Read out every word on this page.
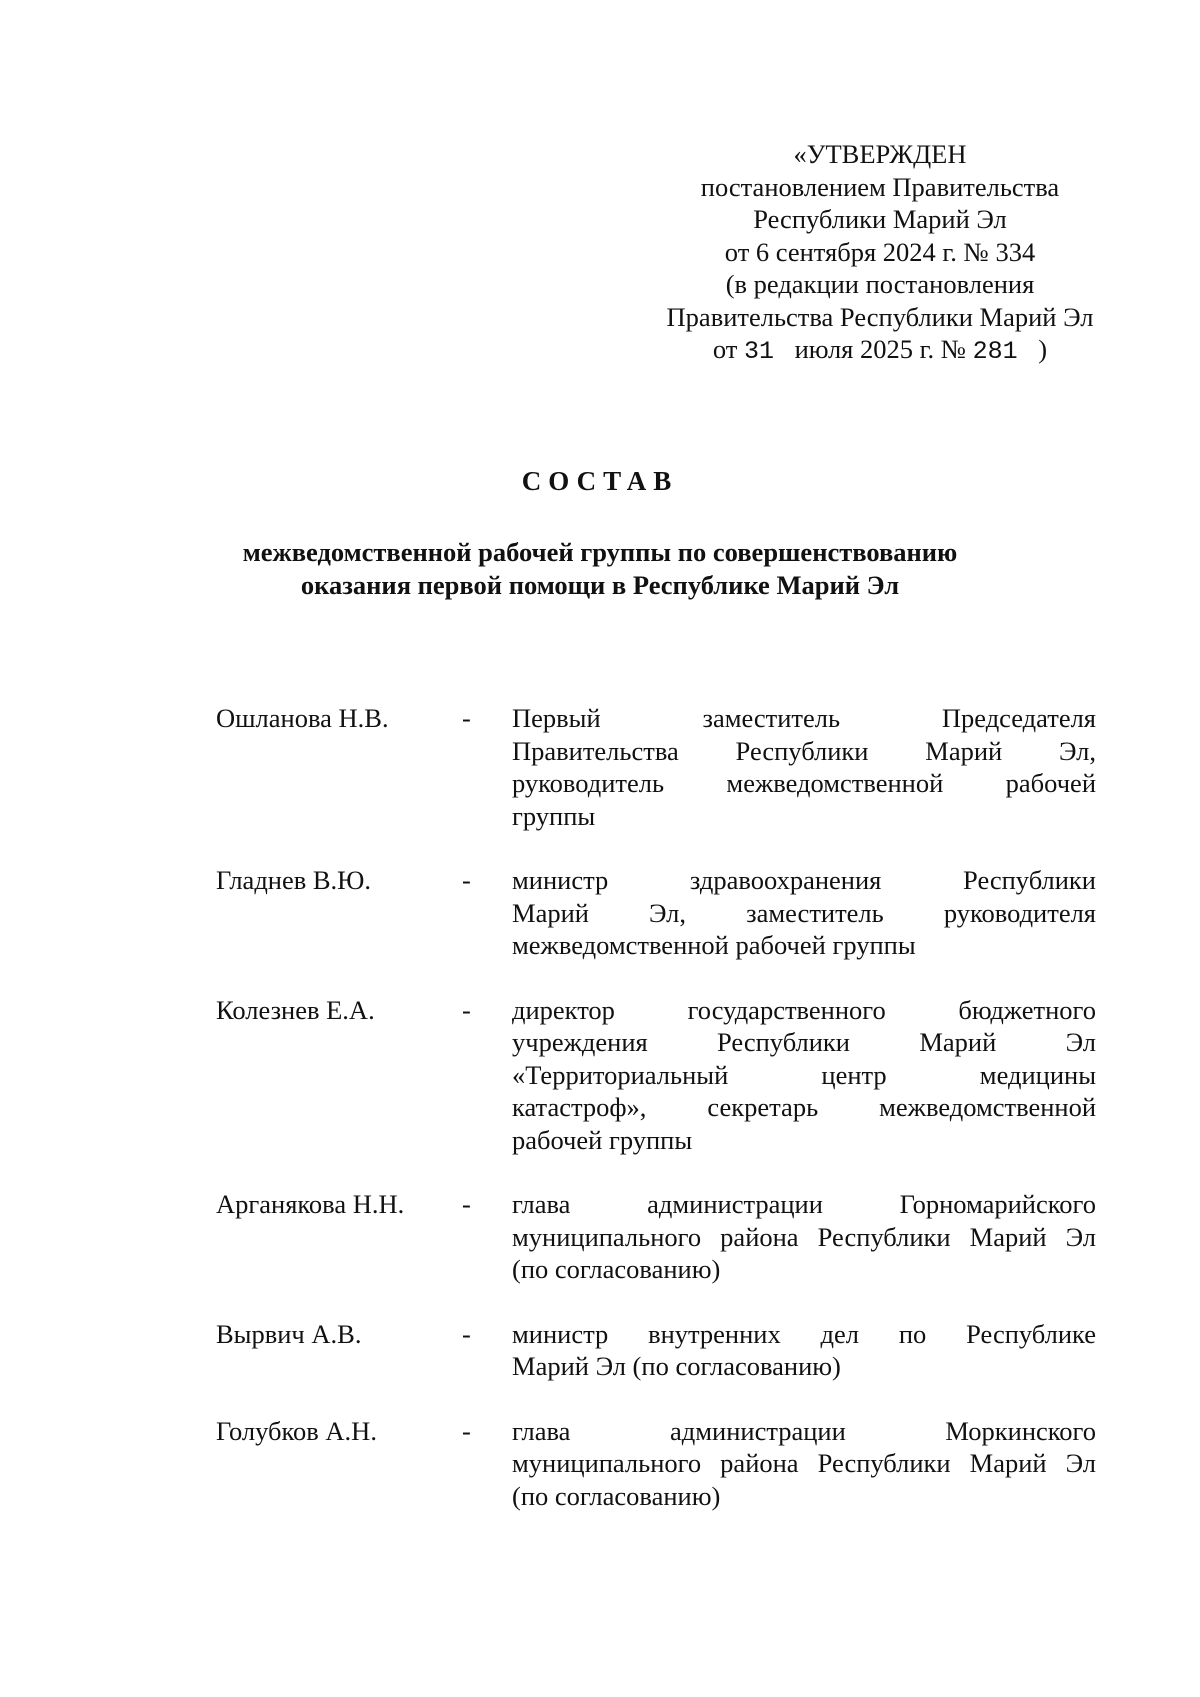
«УТВЕРЖДЕН
постановлением Правительства
Республики Марий Эл
от 6 сентября 2024 г. № 334
(в редакции постановления
Правительства Республики Марий Эл
от 31 июля 2025 г. № 281 )
СОСТАВ
межведомственной рабочей группы по совершенствованию
оказания первой помощи в Республике Марий Эл
Ошланова Н.В.	-	Первый заместитель Председателя
Правительства Республики Марий Эл,
руководитель межведомственной рабочей
группы
Гладнев В.Ю.	-	министр здравоохранения Республики
Марий Эл, заместитель руководителя
межведомственной рабочей группы
Колезнев Е.А.	-	директор государственного бюджетного
учреждения Республики Марий Эл
«Территориальный центр медицины
катастроф», секретарь межведомственной
рабочей группы
Арганякова Н.Н.	-	глава администрации Горномарийского
муниципального района Республики Марий Эл
(по согласованию)
Вырвич А.В.	-	министр внутренних дел по Республике
Марий Эл (по согласованию)
Голубков А.Н.	-	глава администрации Моркинского
муниципального района Республики Марий Эл
(по согласованию)
